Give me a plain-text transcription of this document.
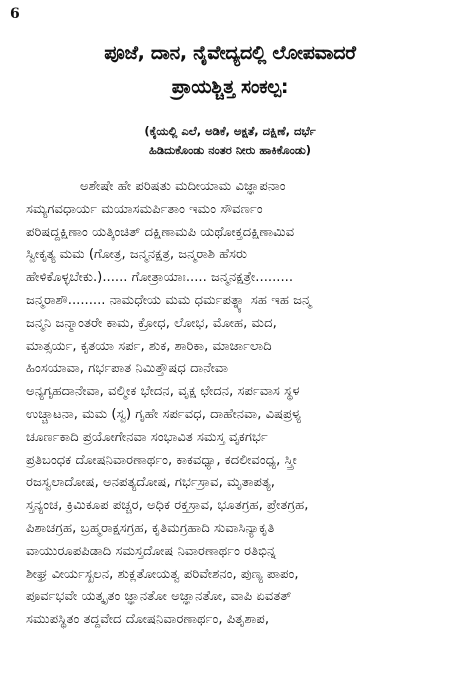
6
ಪೂಜೆ, ದಾನ, ನೈವೇದ್ಯದಲ್ಲಿ ಲೋಪವಾದರೆ
ಪ್ರಾಯಶ್ಚಿತ್ತ ಸಂಕಲ್ಪ:
(ಕೈಯಲ್ಲಿ ಎಲೆ, ಅಡಿಕೆ, ಅಕ್ಷತೆ, ದಕ್ಷಿಣೆ, ದರ್ಭೆ
ಹಿಡಿದುಕೊಂಡು ನಂತರ ನೀರು ಹಾಕಿಕೊಂಡು)
ಅಶೇಷೇ ಹೇ ಪರಿಷತು ಮದೀಯಾಮ ವಿಜ್ಞಾಪನಾಂ
ಸಮ್ಯಗವಧಾರ್ಯ ಮಯಾಸಮರ್ಪಿತಾಂ ಇಮಂ ಸೌವರ್ಣಂ
ಪರಿಷದ್ದಕ್ಷಿಣಾಂ ಯತ್ಕಿಂಚಿತ್ ದಕ್ಷಿಣಾಮಪಿ ಯಥೋಕ್ತದಕ್ಷಿಣಾಮಿವ
ಸ್ವೀಕೃತ್ಯ ಮಮ (ಗೋತ್ರ, ಜನ್ಮನಕ್ಷತ್ರ, ಜನ್ಮರಾಶಿ ಹೆಸರು
ಹೇಳಿಕೊಳ್ಳಬೇಕು.)...... ಗೋತ್ರಾಯಾಃ..... ಜನ್ಮನಕ್ಷತ್ರೇ.........
ಜನ್ಮರಾಶೌ......... ನಾಮಧೇಯ ಮಮ ಧರ್ಮಪತ್ನ್ಯಾ ಸಹ ಇಹ ಜನ್ಮ
ಜನ್ಮನಿ ಜನ್ಮಾಂತರೇ ಕಾಮ, ಕ್ರೋಧ, ಲೋಭ, ಮೋಹ, ಮದ,
ಮಾತ್ಸರ್ಯ, ಕೃತಯಾ ಸರ್ಪ, ಶುಕ, ಶಾರಿಕಾ, ಮಾರ್ಜಾಲಾದಿ
ಹಿಂಸಯಾವಾ, ಗರ್ಭಪಾತ ನಿಮಿತ್ತೌಷಧ ದಾನೇವಾ
ಅನ್ಯಗೃಹದಾನೇವಾ, ವಲ್ಮೀಕ ಭೇದನ, ವೃಕ್ಷ ಛೇದನ, ಸರ್ಪವಾಸ ಸ್ಥಳ
ಉಚ್ಚಾಟನಾ, ಮಮ (ಸ್ವ) ಗೃಹೇ ಸರ್ಪವಧ, ದಾಹೇನವಾ, ವಿಷಪ್ರಳ್ಯ
ಚೂರ್ಣಕಾದಿ ಪ್ರಯೋಗೇನವಾ ಸಂಭಾವಿತ ಸಮಸ್ತ ವೃಕಗರ್ಭ
ಪ್ರತಿಬಂಧಕ ದೋಷನಿವಾರಣಾರ್ಥಂ, ಕಾಕವಧ್ಯಾ, ಕದಲೀವಂಧ್ಯ, ಸ್ತ್ರೀ
ರಜಸ್ವಲಾದೋಷ, ಅನಪತ್ಯದೋಷ, ಗರ್ಭಸ್ರಾವ, ಮೃತಾಪತ್ಯ,
ಸ್ತನ್ಯಂಚ, ಕ್ರಿಮಿಕೂಪ ಪಚ್ಚರ, ಅಧಿಕ ರಕ್ತಸ್ರಾವ, ಭೂತಗ್ರಹ, ಪ್ರೇತಗ್ರಹ,
ಪಿಶಾಚಗ್ರಹ, ಬ್ರಹ್ಮರಾಕ್ಷಸಗ್ರಹ, ಕೃತಿಮಗ್ರಹಾದಿ ಸುವಾಸಿನ್ಯಾಕೃತಿ
ವಾಯುರೂಪಪಿಡಾದಿ ಸಮಸ್ತದೋಷ ನಿವಾರಣಾರ್ಥಂ ರತಿಭಿನ್ನ
ಶೀಘ್ರ ವೀರ್ಯಸ್ಖಲನ, ಶುಕ್ಲತೋಯತ್ವ ಪರಿವೇಶನಂ, ಪುಣ್ಯ ಪಾಪಂ,
ಪೂರ್ವಭವೇ ಯತ್ಕೃತಂ ಜ್ಞಾನತೋ ಅಜ್ಞಾನತೋ, ವಾಪಿ ಏವತತ್
ಸಮುಪಸ್ಥಿತಂ ತದ್ದವೇದ ದೋಷನಿವಾರಣಾರ್ಥಂ, ಪಿತೃಶಾಪ,
